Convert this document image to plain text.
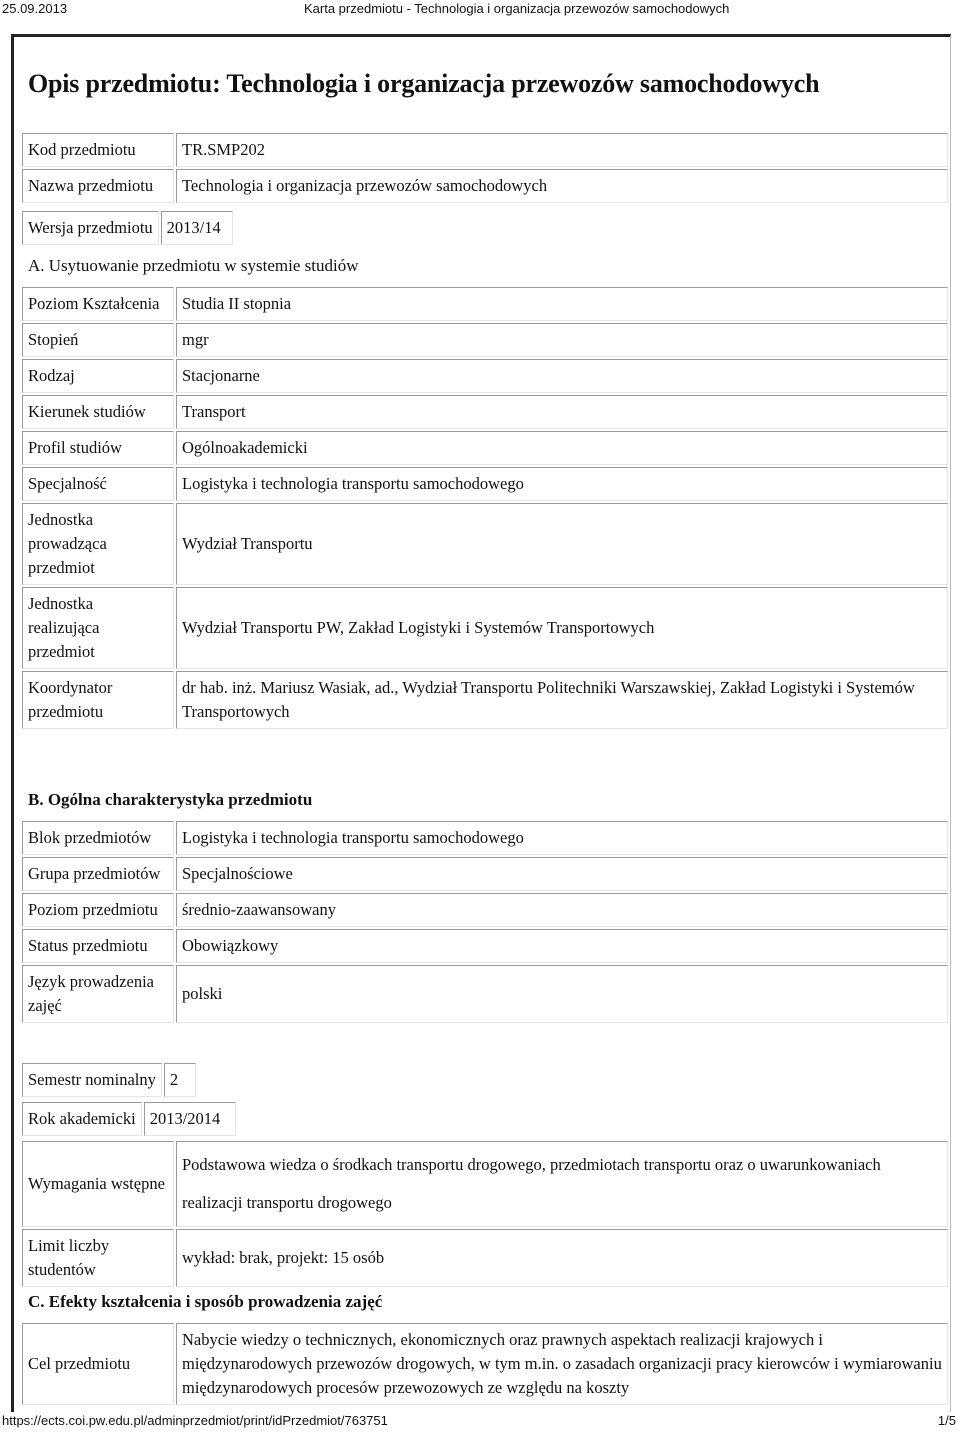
25.09.2013	Karta przedmiotu - Technologia i organizacja przewozów samochodowych
Opis przedmiotu: Technologia i organizacja przewozów samochodowych
Kod przedmiotu	TR.SMP202
Nazwa przedmiotu	Technologia i organizacja przewozów samochodowych
Wersja przedmiotu	2013/14
A. Usytuowanie przedmiotu w systemie studiów
Poziom Kształcenia	Studia II stopnia
Stopień	mgr
Rodzaj	Stacjonarne
Kierunek studiów	Transport
Profil studiów	Ogólnoakademicki
Specjalność	Logistyka i technologia transportu samochodowego
Jednostka prowadząca przedmiot	Wydział Transportu
Jednostka realizująca przedmiot	Wydział Transportu PW, Zakład Logistyki i Systemów Transportowych
Koordynator przedmiotu	dr hab. inż. Mariusz Wasiak, ad., Wydział Transportu Politechniki Warszawskiej, Zakład Logistyki i Systemów Transportowych
B. Ogólna charakterystyka przedmiotu
Blok przedmiotów	Logistyka i technologia transportu samochodowego
Grupa przedmiotów	Specjalnościowe
Poziom przedmiotu	średnio-zaawansowany
Status przedmiotu	Obowiązkowy
Język prowadzenia zajęć	polski
Semestr nominalny	2
Rok akademicki	2013/2014
Wymagania wstępne	Podstawowa wiedza o środkach transportu drogowego, przedmiotach transportu oraz o uwarunkowaniach realizacji transportu drogowego
Limit liczby studentów	wykład: brak, projekt: 15 osób
C. Efekty kształcenia i sposób prowadzenia zajęć
Cel przedmiotu	Nabycie wiedzy o technicznych, ekonomicznych oraz prawnych aspektach realizacji krajowych i międzynarodowych przewozów drogowych, w tym m.in. o zasadach organizacji pracy kierowców i wymiarowaniu międzynarodowych procesów przewozowych ze względu na koszty
https://ects.coi.pw.edu.pl/adminprzedmiot/print/idPrzedmiot/763751	1/5
